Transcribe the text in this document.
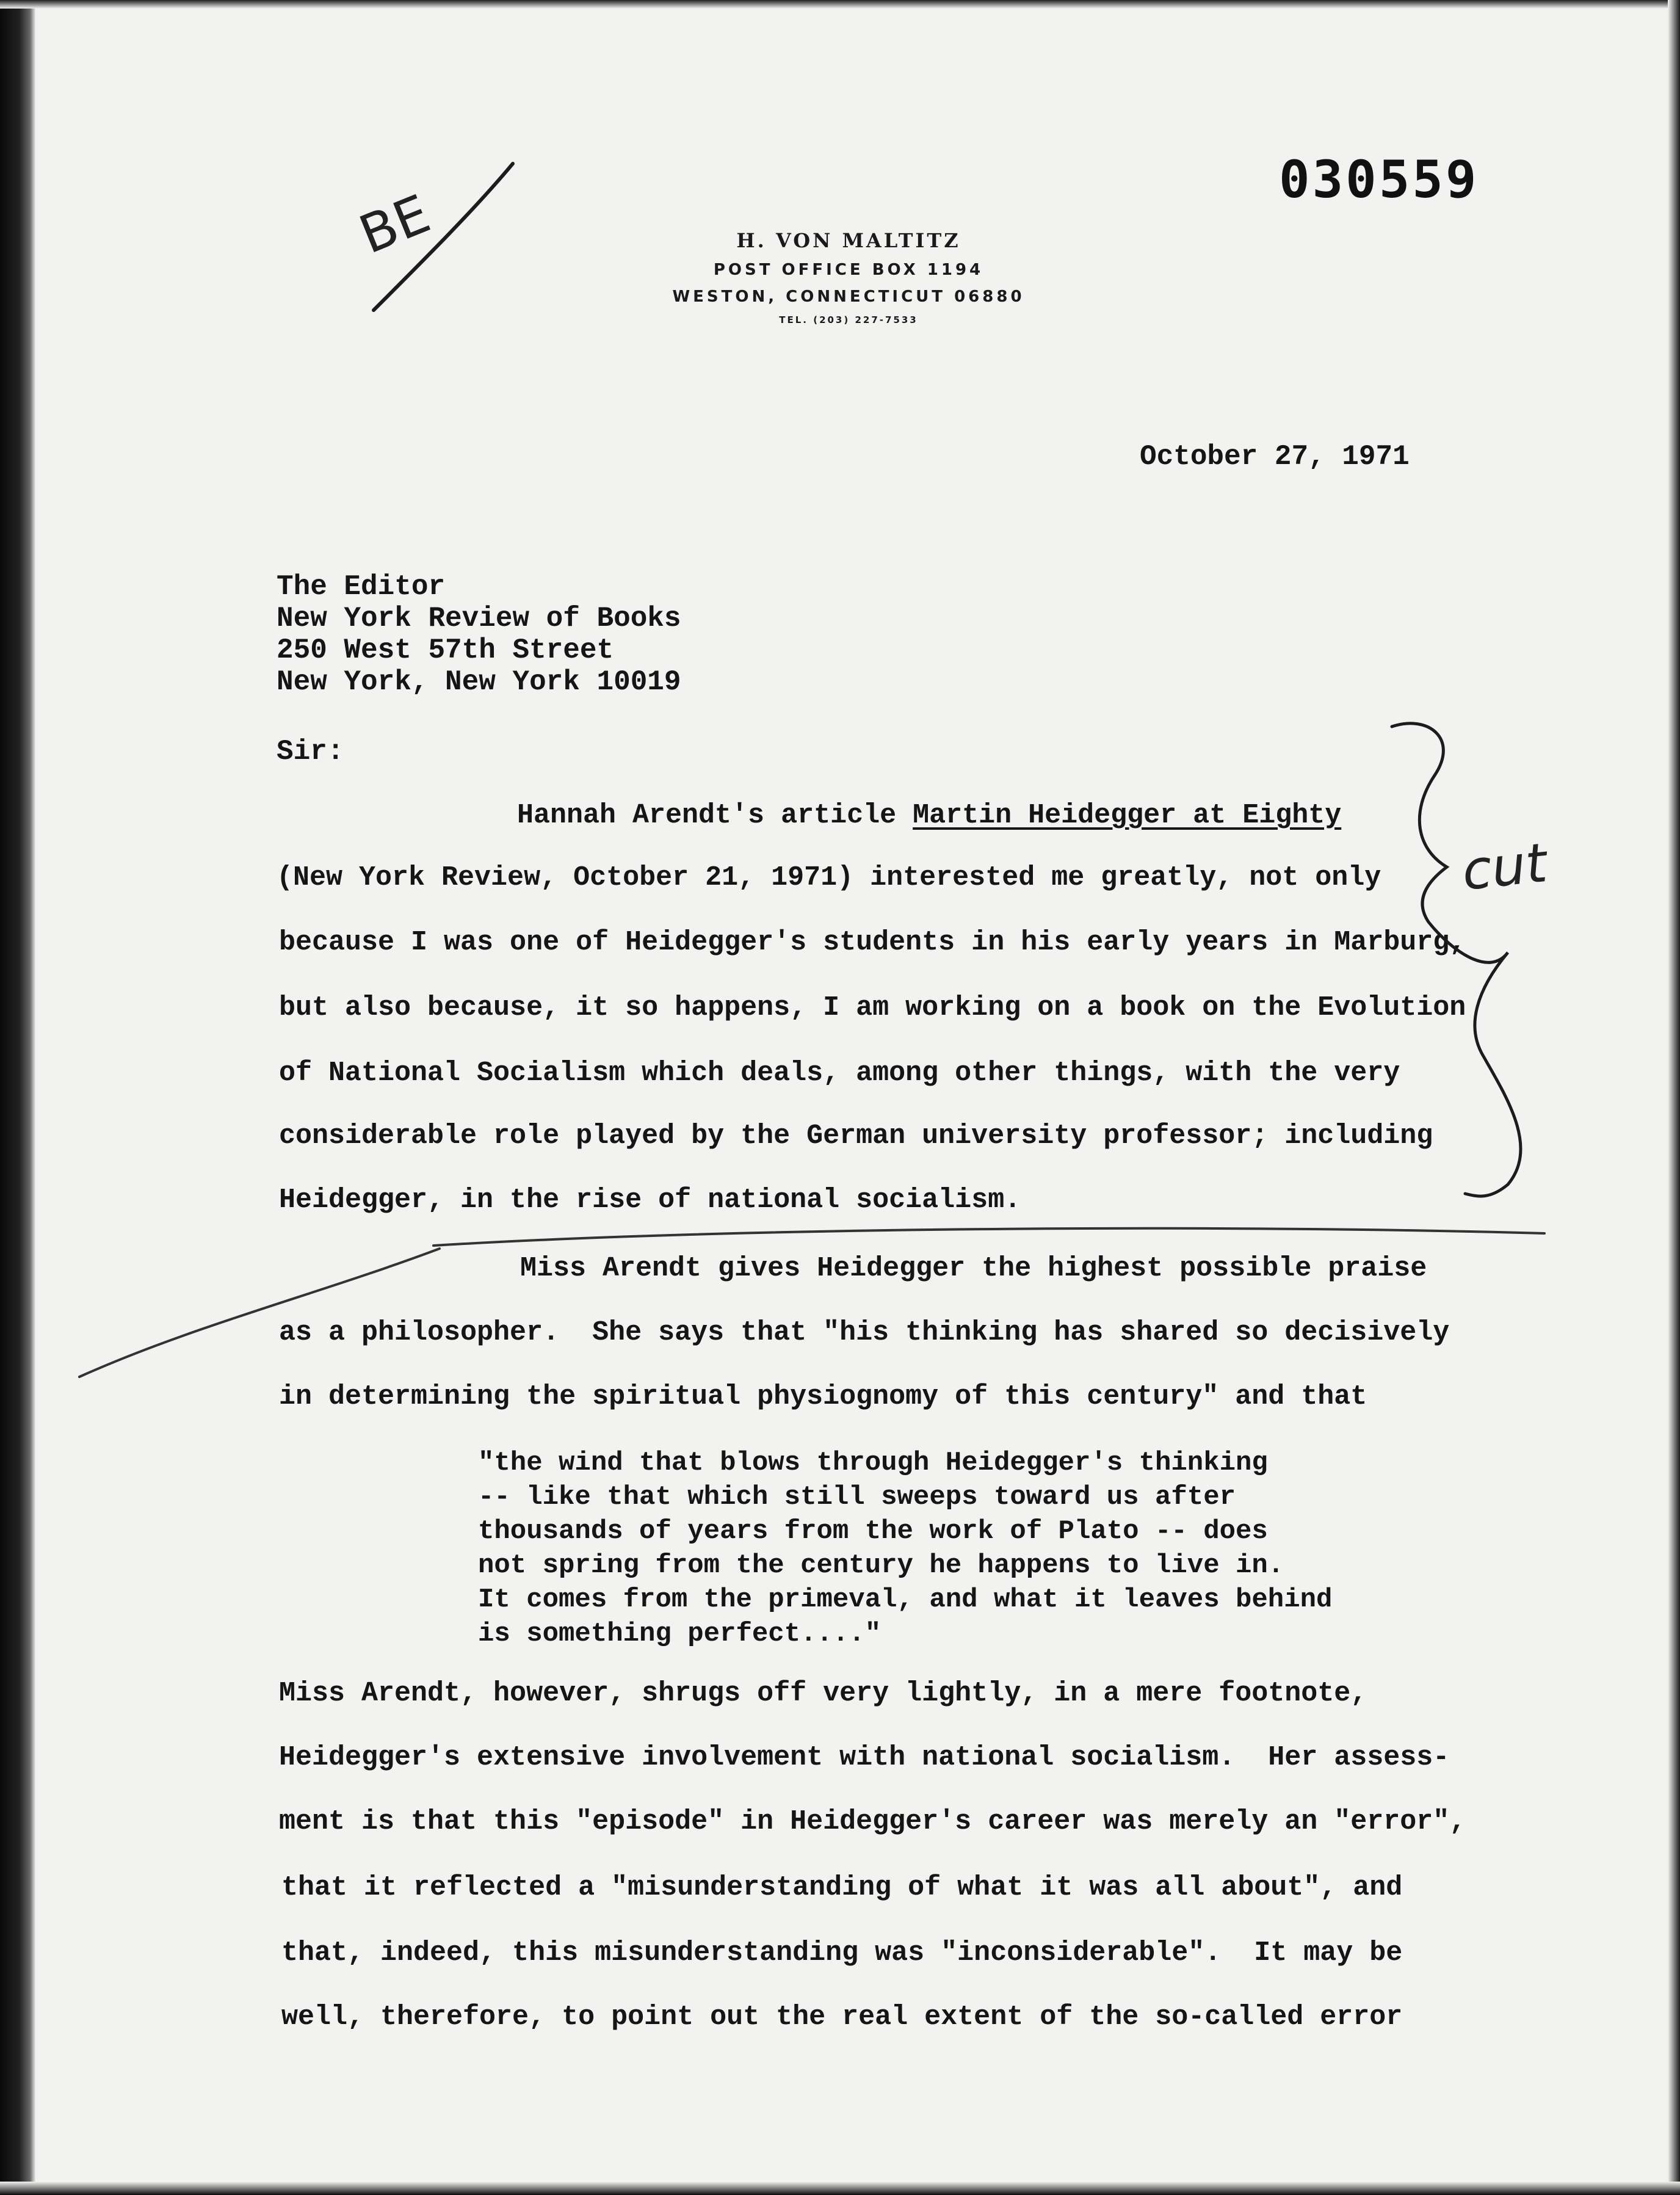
030559
H. VON MALTITZ
POST OFFICE BOX 1194
WESTON, CONNECTICUT 06880
TEL. (203) 227-7533
October 27, 1971
The Editor
New York Review of Books
250 West 57th Street
New York, New York 10019
Sir:
Hannah Arendt's article Martin Heidegger at Eighty
(New York Review, October 21, 1971) interested me greatly, not only
because I was one of Heidegger's students in his early years in Marburg,
but also because, it so happens, I am working on a book on the Evolution
of National Socialism which deals, among other things, with the very
considerable role played by the German university professor; including
Heidegger, in the rise of national socialism.
Miss Arendt gives Heidegger the highest possible praise
as a philosopher.  She says that "his thinking has shared so decisively
in determining the spiritual physiognomy of this century" and that
"the wind that blows through Heidegger's thinking
-- like that which still sweeps toward us after
thousands of years from the work of Plato -- does
not spring from the century he happens to live in.
It comes from the primeval, and what it leaves behind
is something perfect...."
Miss Arendt, however, shrugs off very lightly, in a mere footnote,
Heidegger's extensive involvement with national socialism.  Her assess-
ment is that this "episode" in Heidegger's career was merely an "error",
that it reflected a "misunderstanding of what it was all about", and
that, indeed, this misunderstanding was "inconsiderable".  It may be
well, therefore, to point out the real extent of the so-called error
BE
cut
